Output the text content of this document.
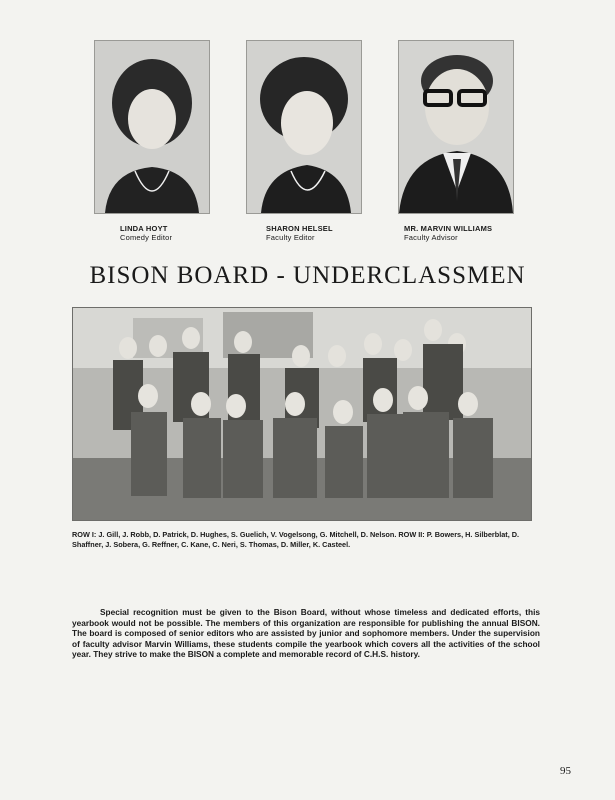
LINDA HOYT
Comedy Editor
SHARON HELSEL
Faculty Editor
MR. MARVIN WILLIAMS
Faculty Advisor
BISON BOARD - UNDERCLASSMEN
ROW I: J. Gill, J. Robb, D. Patrick, D. Hughes, S. Guelich, V. Vogelsong, G. Mitchell, D. Nelson. ROW II: P. Bowers, H. Silberblat, D. Shaffner, J. Sobera, G. Reffner, C. Kane, C. Neri, S. Thomas, D. Miller, K. Casteel.

Special recognition must be given to the Bison Board, without whose timeless and dedicated efforts, this yearbook would not be possible. The members of this organization are responsible for publishing the annual BISON. The board is composed of senior editors who are assisted by junior and sophomore members. Under the supervision of faculty advisor Marvin Williams, these students compile the yearbook which covers all the activities of the school year. They strive to make the BISON a complete and memorable record of C.H.S. history.

95
